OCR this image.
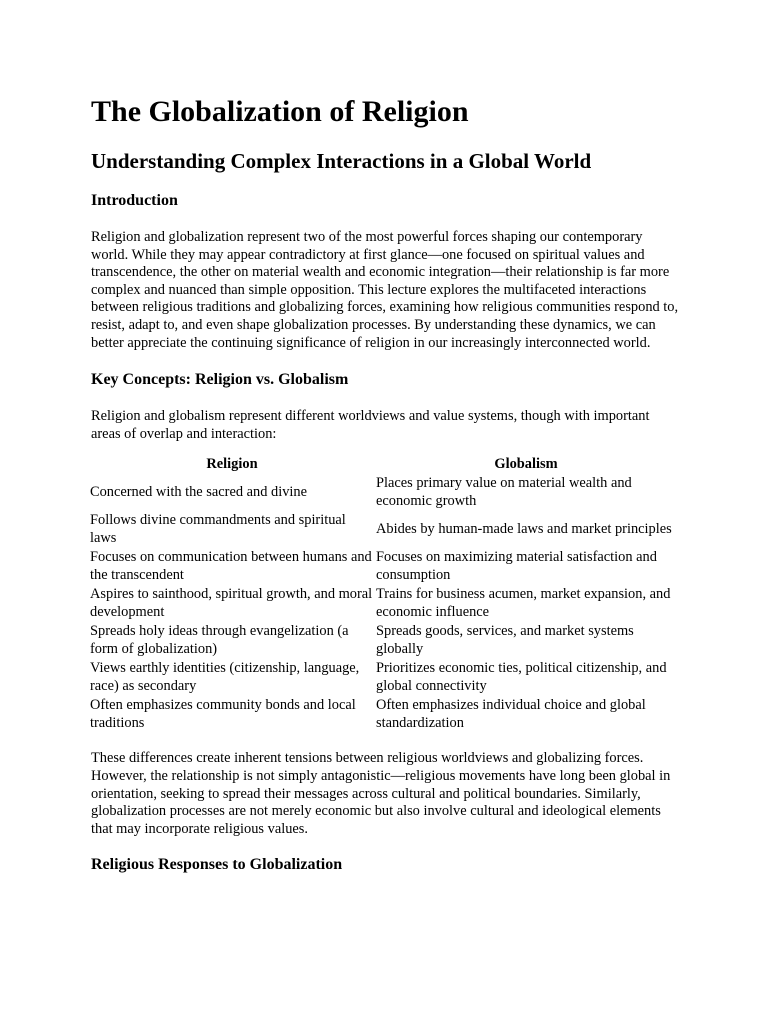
The Globalization of Religion
Understanding Complex Interactions in a Global World
Introduction

Religion and globalization represent two of the most powerful forces shaping our contemporary world. While they may appear contradictory at first glance—one focused on spiritual values and transcendence, the other on material wealth and economic integration—their relationship is far more complex and nuanced than simple opposition. This lecture explores the multifaceted interactions between religious traditions and globalizing forces, examining how religious communities respond to, resist, adapt to, and even shape globalization processes. By understanding these dynamics, we can better appreciate the continuing significance of religion in our increasingly interconnected world.

Key Concepts: Religion vs. Globalism

Religion and globalism represent different worldviews and value systems, though with important areas of overlap and interaction:

Religion	Globalism
Concerned with the sacred and divine	Places primary value on material wealth and economic growth
Follows divine commandments and spiritual laws	Abides by human-made laws and market principles
Focuses on communication between humans and the transcendent	Focuses on maximizing material satisfaction and consumption
Aspires to sainthood, spiritual growth, and moral development	Trains for business acumen, market expansion, and economic influence
Spreads holy ideas through evangelization (a form of globalization)	Spreads goods, services, and market systems globally
Views earthly identities (citizenship, language, race) as secondary	Prioritizes economic ties, political citizenship, and global connectivity
Often emphasizes community bonds and local traditions	Often emphasizes individual choice and global standardization

These differences create inherent tensions between religious worldviews and globalizing forces. However, the relationship is not simply antagonistic—religious movements have long been global in orientation, seeking to spread their messages across cultural and political boundaries. Similarly, globalization processes are not merely economic but also involve cultural and ideological elements that may incorporate religious values.

Religious Responses to Globalization
